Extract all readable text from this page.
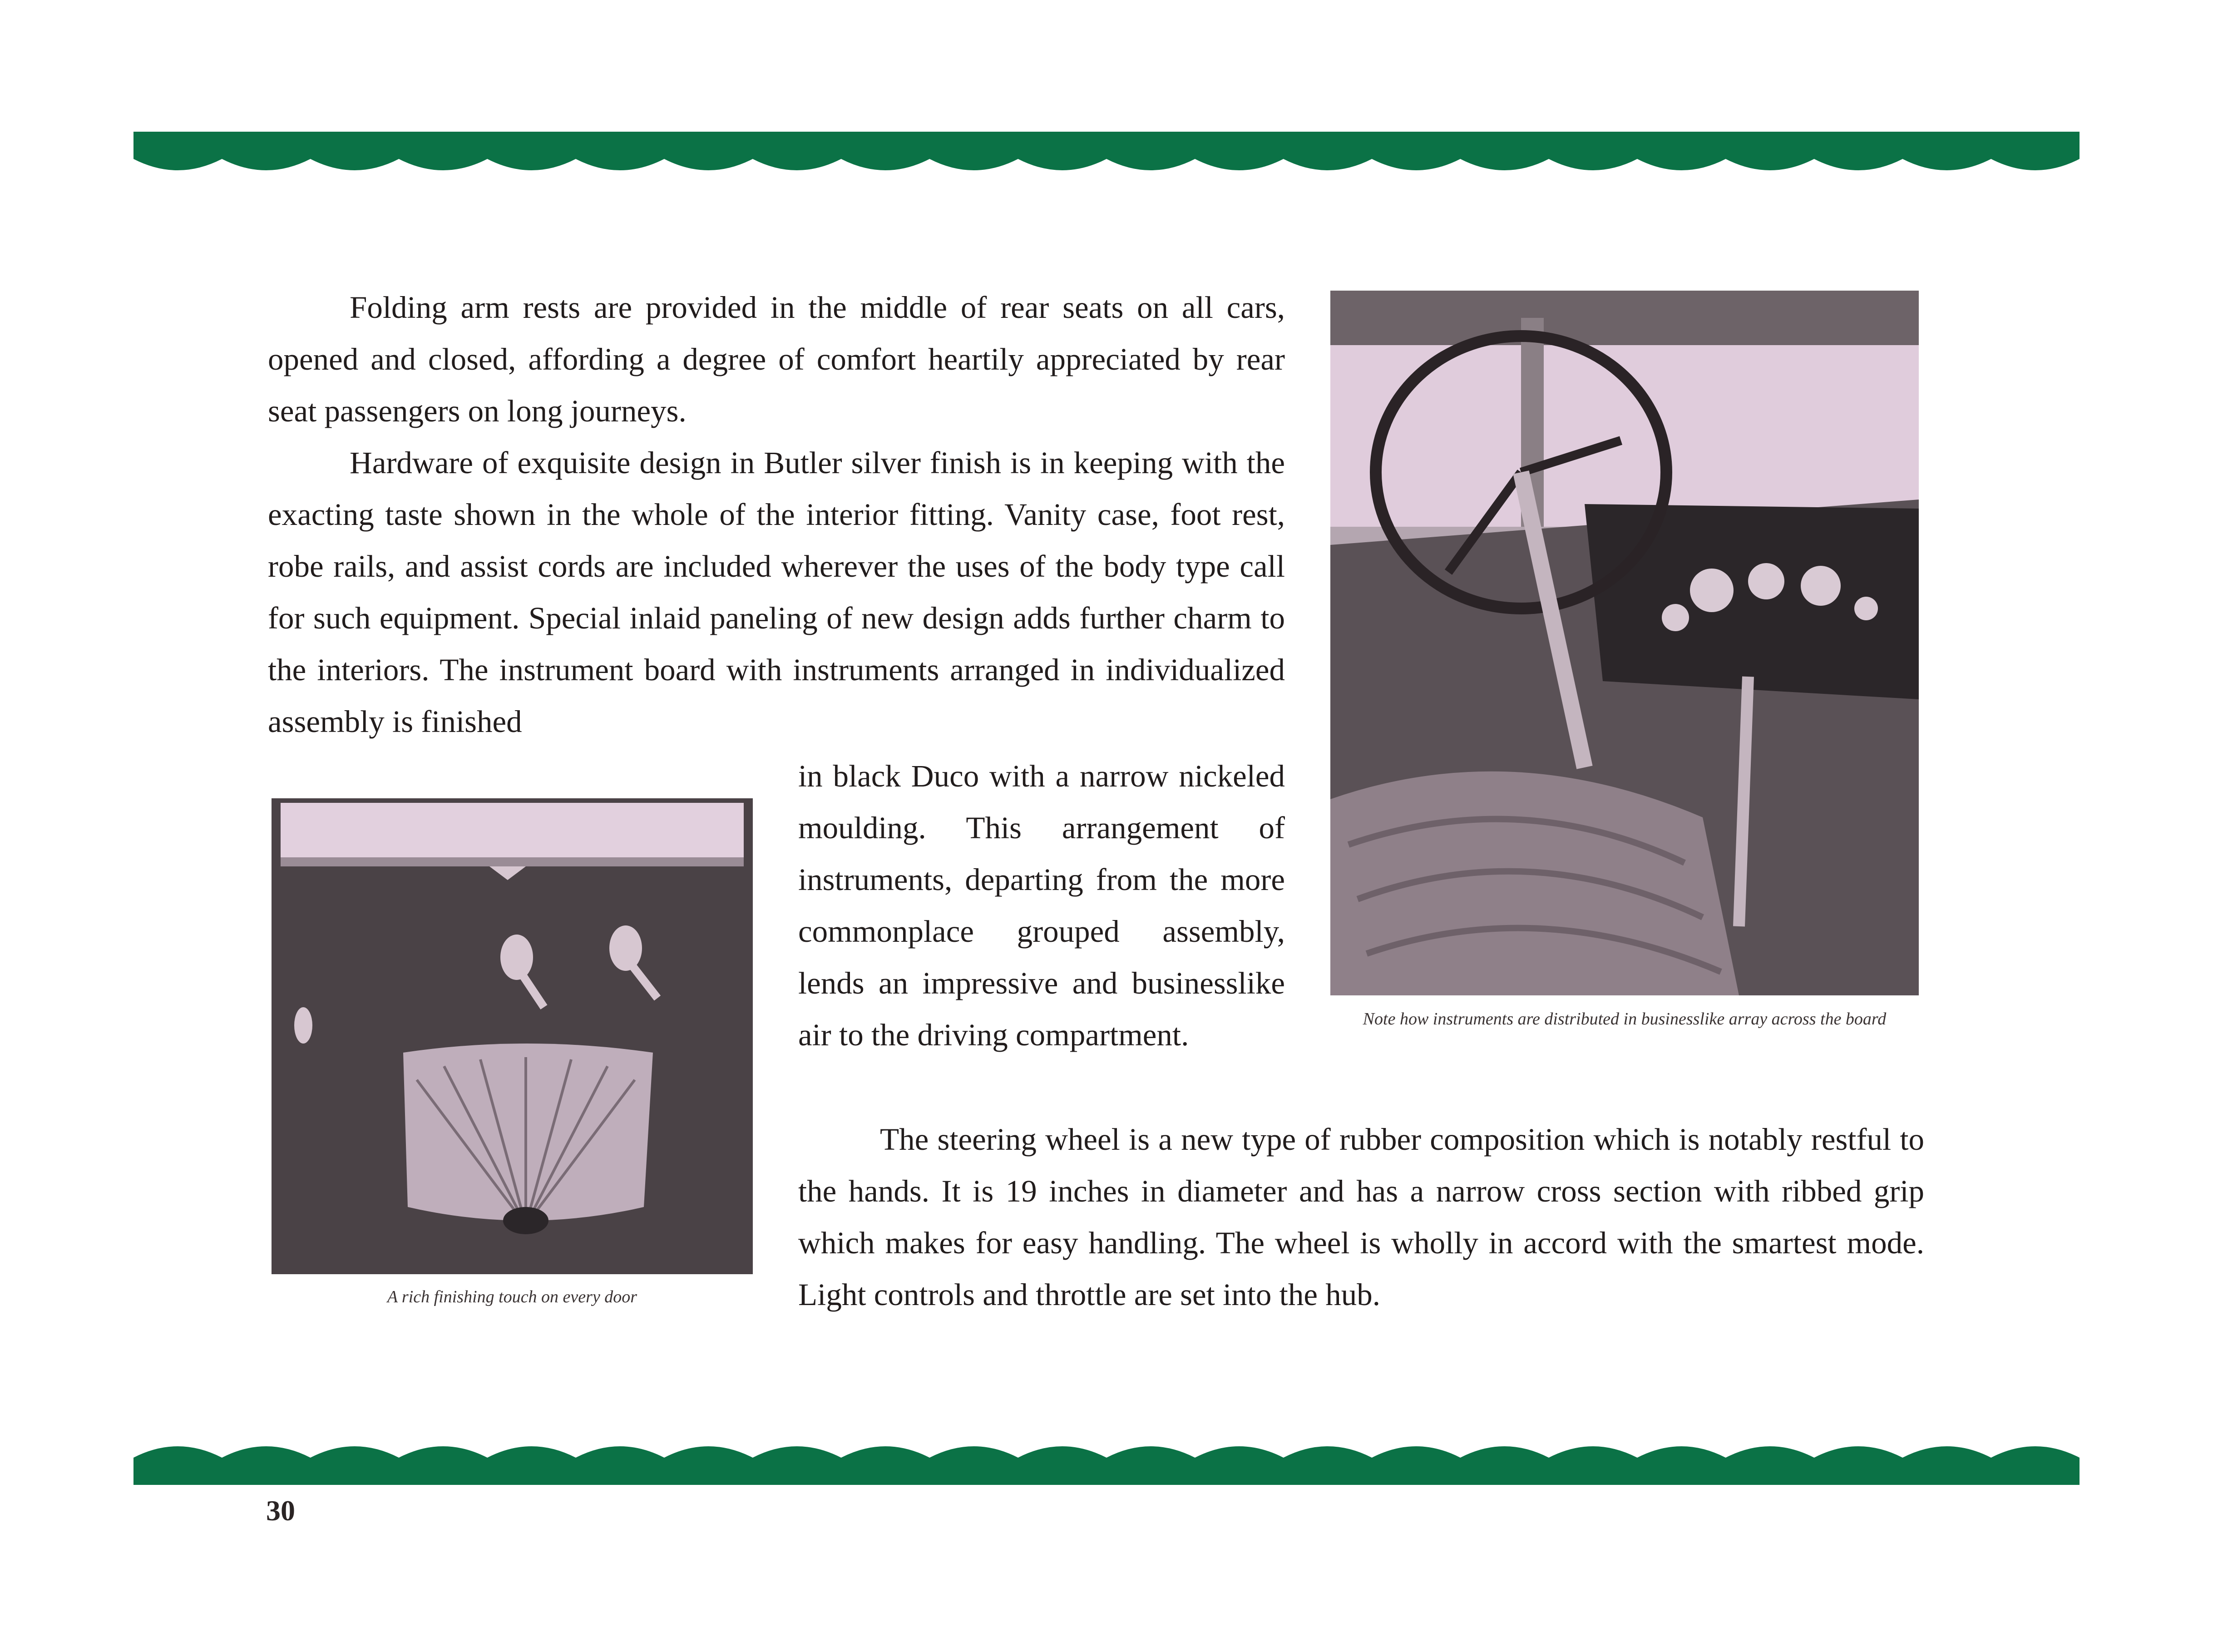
Folding arm rests are provided in the middle of rear seats on all cars, opened and closed, affording a degree of comfort heartily appreciated by rear seat passengers on long journeys.

Hardware of exquisite design in Butler silver finish is in keeping with the exacting taste shown in the whole of the interior fitting. Vanity case, foot rest, robe rails, and assist cords are included wherever the uses of the body type call for such equipment. Special inlaid paneling of new design adds further charm to the interiors. The instrument board with instruments arranged in individualized assembly is finished

in black Duco with a narrow nickeled moulding. This arrangement of instruments, departing from the more commonplace grouped assembly, lends an impressive and businesslike air to the driving compartment.

The steering wheel is a new type of rubber composition which is notably restful to the hands. It is 19 inches in diameter and has a narrow cross section with ribbed grip which makes for easy handling. The wheel is wholly in accord with the smartest mode. Light controls and throttle are set into the hub.

Note how instruments are distributed in businesslike array across the board

A rich finishing touch on every door

30
